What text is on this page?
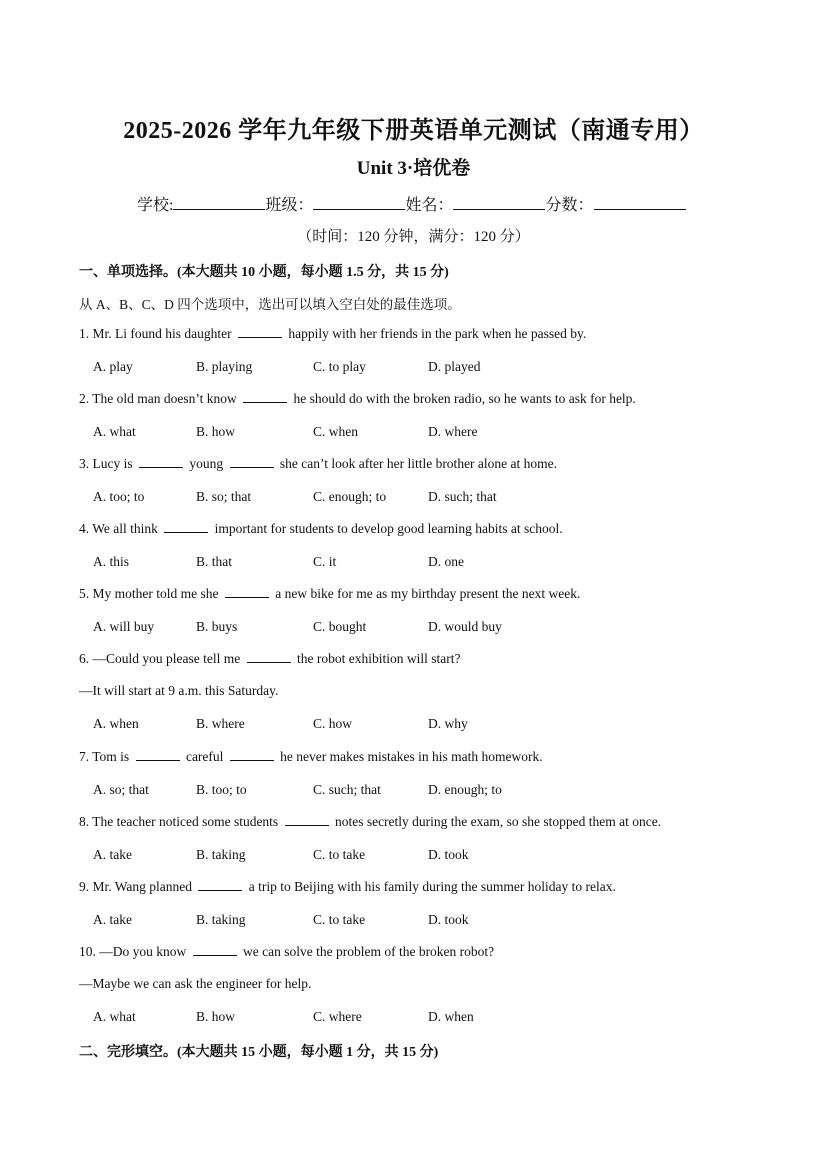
2025-2026 学年九年级下册英语单元测试（南通专用）
Unit 3·培优卷
学校:	班级：	姓名：	分数：
（时间：120 分钟，满分：120 分）
一、单项选择。(本大题共 10 小题，每小题 1.5 分，共 15 分)
从 A、B、C、D 四个选项中，选出可以填入空白处的最佳选项。
1. Mr. Li found his daughter	happily with her friends in the park when he passed by.
A. play	B. playing	C. to play	D. played
2. The old man doesn’t know	he should do with the broken radio, so he wants to ask for help.
A. what	B. how	C. when	D. where
3. Lucy is	young	she can’t look after her little brother alone at home.
A. too; to	B. so; that	C. enough; to	D. such; that
4. We all think	important for students to develop good learning habits at school.
A. this	B. that	C. it	D. one
5. My mother told me she	a new bike for me as my birthday present the next week.
A. will buy	B. buys	C. bought	D. would buy
6. —Could you please tell me	the robot exhibition will start?
—It will start at 9 a.m. this Saturday.
A. when	B. where	C. how	D. why
7. Tom is	careful	he never makes mistakes in his math homework.
A. so; that	B. too; to	C. such; that	D. enough; to
8. The teacher noticed some students	notes secretly during the exam, so she stopped them at once.
A. take	B. taking	C. to take	D. took
9. Mr. Wang planned	a trip to Beijing with his family during the summer holiday to relax.
A. take	B. taking	C. to take	D. took
10. —Do you know	we can solve the problem of the broken robot?
—Maybe we can ask the engineer for help.
A. what	B. how	C. where	D. when
二、完形填空。(本大题共 15 小题，每小题 1 分，共 15 分)
